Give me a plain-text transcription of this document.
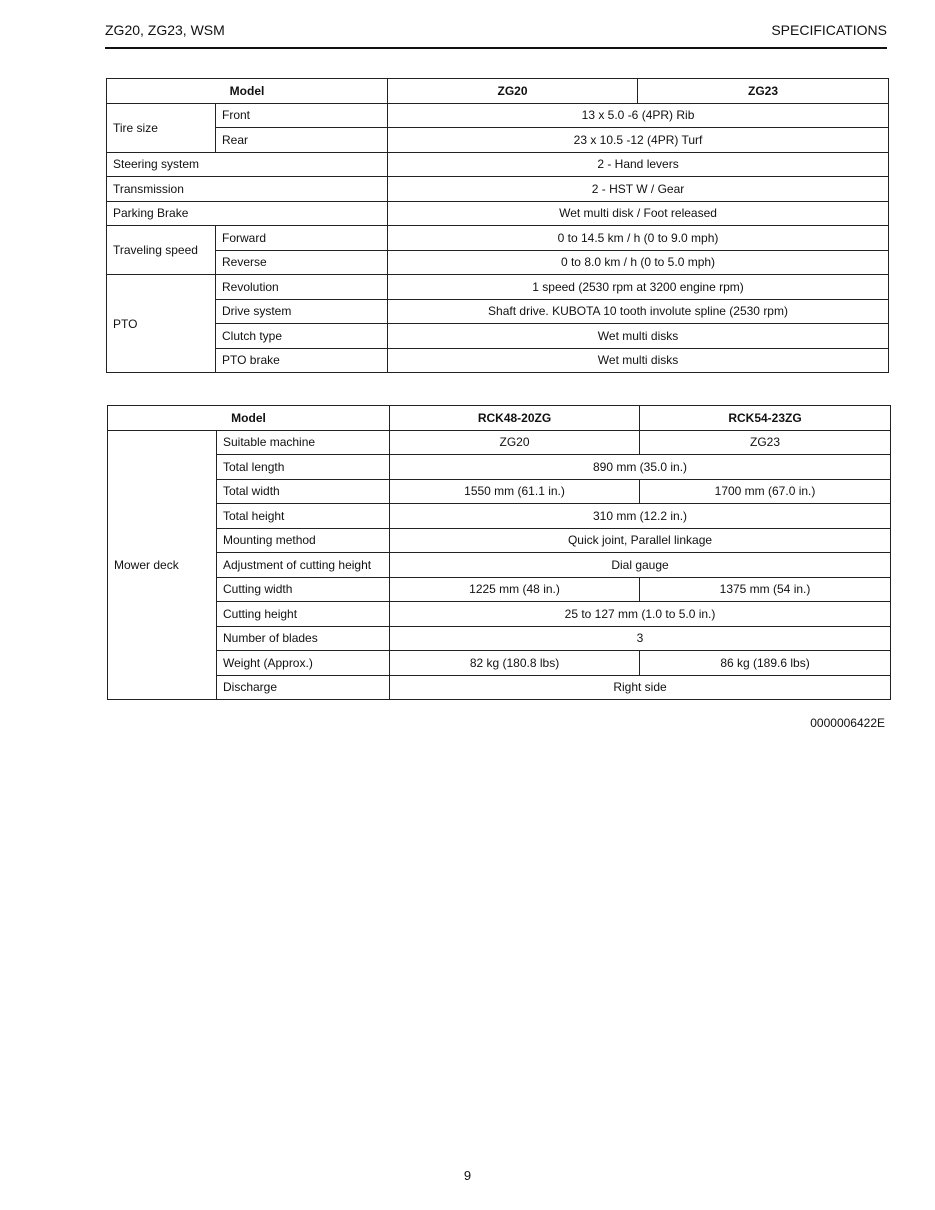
ZG20, ZG23, WSM	SPECIFICATIONS
Model		ZG20	ZG23
Tire size	Front	13 x 5.0 -6 (4PR) Rib	
	Rear	23 x 10.5 -12 (4PR) Turf	
Steering system		2 - Hand levers	
Transmission		2 - HST W / Gear	
Parking Brake		Wet multi disk / Foot released	
Traveling speed	Forward	0 to 14.5 km / h (0 to 9.0 mph)	
	Reverse	0 to 8.0 km / h (0 to 5.0 mph)	
PTO	Revolution	1 speed (2530 rpm at 3200 engine rpm)	
	Drive system	Shaft drive. KUBOTA 10 tooth involute spline (2530 rpm)	
	Clutch type	Wet multi disks	
	PTO brake	Wet multi disks	
Model		RCK48-20ZG	RCK54-23ZG
Mower deck	Suitable machine	ZG20	ZG23
	Total length	890 mm (35.0 in.)	
	Total width	1550 mm (61.1 in.)	1700 mm (67.0 in.)
	Total height	310 mm (12.2 in.)	
	Mounting method	Quick joint, Parallel linkage	
	Adjustment of cutting height	Dial gauge	
	Cutting width	1225 mm (48 in.)	1375 mm (54 in.)
	Cutting height	25 to 127 mm (1.0 to 5.0 in.)	
	Number of blades	3	
	Weight (Approx.)	82 kg (180.8 lbs)	86 kg (189.6 lbs)
	Discharge	Right side	
0000006422E
9
